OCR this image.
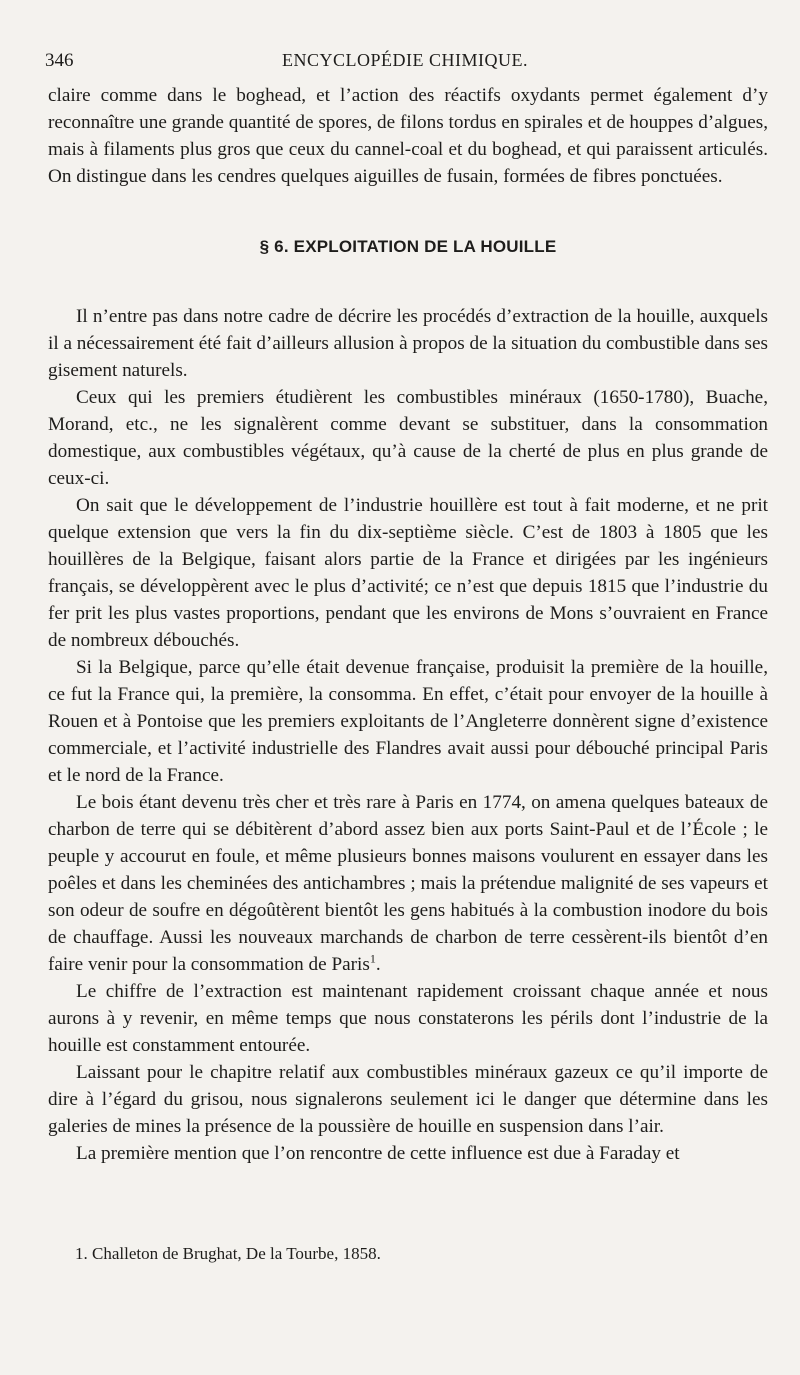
346	ENCYCLOPÉDIE CHIMIQUE.

claire comme dans le boghead, et l’action des réactifs oxydants permet également d’y reconnaître une grande quantité de spores, de filons tordus en spirales et de houppes d’algues, mais à filaments plus gros que ceux du cannel-coal et du boghead, et qui paraissent articulés. On distingue dans les cendres quelques aiguilles de fusain, formées de fibres ponctuées.

§ 6. EXPLOITATION DE LA HOUILLE

Il n’entre pas dans notre cadre de décrire les procédés d’extraction de la houille, auxquels il a nécessairement été fait d’ailleurs allusion à propos de la situation du combustible dans ses gisement naturels.

Ceux qui les premiers étudièrent les combustibles minéraux (1650-1780), Buache, Morand, etc., ne les signalèrent comme devant se substituer, dans la consommation domestique, aux combustibles végétaux, qu’à cause de la cherté de plus en plus grande de ceux-ci.

On sait que le développement de l’industrie houillère est tout à fait moderne, et ne prit quelque extension que vers la fin du dix-septième siècle. C’est de 1803 à 1805 que les houillères de la Belgique, faisant alors partie de la France et dirigées par les ingénieurs français, se développèrent avec le plus d’activité; ce n’est que depuis 1815 que l’industrie du fer prit les plus vastes proportions, pendant que les environs de Mons s’ouvraient en France de nombreux débouchés.

Si la Belgique, parce qu’elle était devenue française, produisit la première de la houille, ce fut la France qui, la première, la consomma. En effet, c’était pour envoyer de la houille à Rouen et à Pontoise que les premiers exploitants de l’Angleterre donnèrent signe d’existence commerciale, et l’activité industrielle des Flandres avait aussi pour débouché principal Paris et le nord de la France.

Le bois étant devenu très cher et très rare à Paris en 1774, on amena quelques bateaux de charbon de terre qui se débitèrent d’abord assez bien aux ports Saint-Paul et de l’École ; le peuple y accourut en foule, et même plusieurs bonnes maisons voulurent en essayer dans les poêles et dans les cheminées des antichambres ; mais la prétendue malignité de ses vapeurs et son odeur de soufre en dégoûtèrent bientôt les gens habitués à la combustion inodore du bois de chauffage. Aussi les nouveaux marchands de charbon de terre cessèrent-ils bientôt d’en faire venir pour la consommation de Paris$^1$.

Le chiffre de l’extraction est maintenant rapidement croissant chaque année et nous aurons à y revenir, en même temps que nous constaterons les périls dont l’industrie de la houille est constamment entourée.

Laissant pour le chapitre relatif aux combustibles minéraux gazeux ce qu’il importe de dire à l’égard du grisou, nous signalerons seulement ici le danger que détermine dans les galeries de mines la présence de la poussière de houille en suspension dans l’air.

La première mention que l’on rencontre de cette influence est due à Faraday et

1. Challeton de Brughat, De la Tourbe, 1858.
